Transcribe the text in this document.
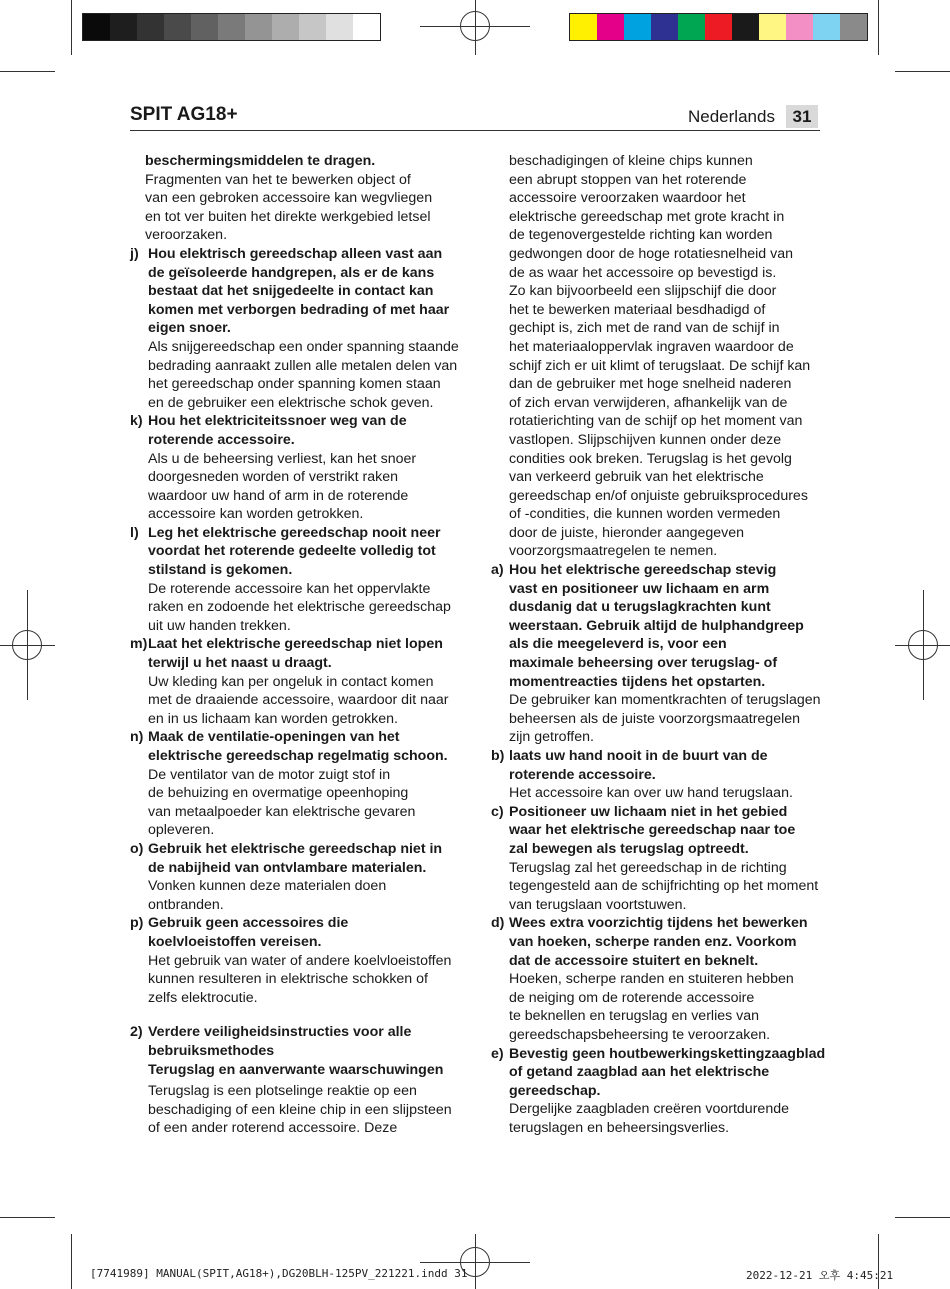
SPIT AG18+	Nederlands	31

beschermingsmiddelen te dragen.

Fragmenten van het te bewerken object of

van een gebroken accessoire kan wegvliegen

en tot ver buiten het direkte werkgebied letsel

veroorzaken.

j) Hou elektrisch gereedschap alleen vast aan

de geïsoleerde handgrepen, als er de kans

bestaat dat het snijgedeelte in contact kan

komen met verborgen bedrading of met haar

eigen snoer.

Als snijgereedschap een onder spanning staande

bedrading aanraakt zullen alle metalen delen van

het gereedschap onder spanning komen staan

en de gebruiker een elektrische schok geven.

k) Hou het elektriciteitssnoer weg van de

roterende accessoire.

Als u de beheersing verliest, kan het snoer

doorgesneden worden of verstrikt raken

waardoor uw hand of arm in de roterende

accessoire kan worden getrokken.

l) Leg het elektrische gereedschap nooit neer

voordat het roterende gedeelte volledig tot

stilstand is gekomen.

De roterende accessoire kan het oppervlakte

raken en zodoende het elektrische gereedschap

uit uw handen trekken.

m) Laat het elektrische gereedschap niet lopen

terwijl u het naast u draagt.

Uw kleding kan per ongeluk in contact komen

met de draaiende accessoire, waardoor dit naar

en in us lichaam kan worden getrokken.

n) Maak de ventilatie-openingen van het

elektrische gereedschap regelmatig schoon.

De ventilator van de motor zuigt stof in

de behuizing en overmatige opeenhoping

van metaalpoeder kan elektrische gevaren

opleveren.

o) Gebruik het elektrische gereedschap niet in

de nabijheid van ontvlambare materialen.

Vonken kunnen deze materialen doen

ontbranden.

p) Gebruik geen accessoires die

koelvloeistoffen vereisen.

Het gebruik van water of andere koelvloeistoffen

kunnen resulteren in elektrische schokken of

zelfs elektrocutie.

2) Verdere veiligheidsinstructies voor alle

bebruiksmethodes

Terugslag en aanverwante waarschuwingen

Terugslag is een plotselinge reaktie op een

beschadiging of een kleine chip in een slijpsteen

of een ander roterend accessoire. Deze

beschadigingen of kleine chips kunnen

een abrupt stoppen van het roterende

accessoire veroorzaken waardoor het

elektrische gereedschap met grote kracht in

de tegenovergestelde richting kan worden

gedwongen door de hoge rotatiesnelheid van

de as waar het accessoire op bevestigd is.

Zo kan bijvoorbeeld een slijpschijf die door

het te bewerken materiaal besdhadigd of

gechipt is, zich met de rand van de schijf in

het materiaaloppervlak ingraven waardoor de

schijf zich er uit klimt of terugslaat. De schijf kan

dan de gebruiker met hoge snelheid naderen

of zich ervan verwijderen, afhankelijk van de

rotatierichting van de schijf op het moment van

vastlopen. Slijpschijven kunnen onder deze

condities ook breken. Terugslag is het gevolg

van verkeerd gebruik van het elektrische

gereedschap en/of onjuiste gebruiksprocedures

of -condities, die kunnen worden vermeden

door de juiste, hieronder aangegeven

voorzorgsmaatregelen te nemen.

a) Hou het elektrische gereedschap stevig

vast en positioneer uw lichaam en arm

dusdanig dat u terugslagkrachten kunt

weerstaan. Gebruik altijd de hulphandgreep

als die meegeleverd is, voor een

maximale beheersing over terugslag- of

momentreacties tijdens het opstarten.

De gebruiker kan momentkrachten of terugslagen

beheersen als de juiste voorzorgsmaatregelen

zijn getroffen.

b) laats uw hand nooit in de buurt van de

roterende accessoire.

Het accessoire kan over uw hand terugslaan.

c) Positioneer uw lichaam niet in het gebied

waar het elektrische gereedschap naar toe

zal bewegen als terugslag optreedt.

Terugslag zal het gereedschap in de richting

tegengesteld aan de schijfrichting op het moment

van terugslaan voortstuwen.

d) Wees extra voorzichtig tijdens het bewerken

van hoeken, scherpe randen enz. Voorkom

dat de accessoire stuitert en beknelt.

Hoeken, scherpe randen en stuiteren hebben

de neiging om de roterende accessoire

te beknellen en terugslag en verlies van

gereedschapsbeheersing te veroorzaken.

e) Bevestig geen houtbewerkingskettingzaagblad

of getand zaagblad aan het elektrische

gereedschap.

Dergelijke zaagbladen creëren voortdurende

terugslagen en beheersingsverlies.

[7741989] MANUAL(SPIT,AG18+),DG20BLH-125PV_221221.indd 31	2022-12-21 오후 4:45:21
